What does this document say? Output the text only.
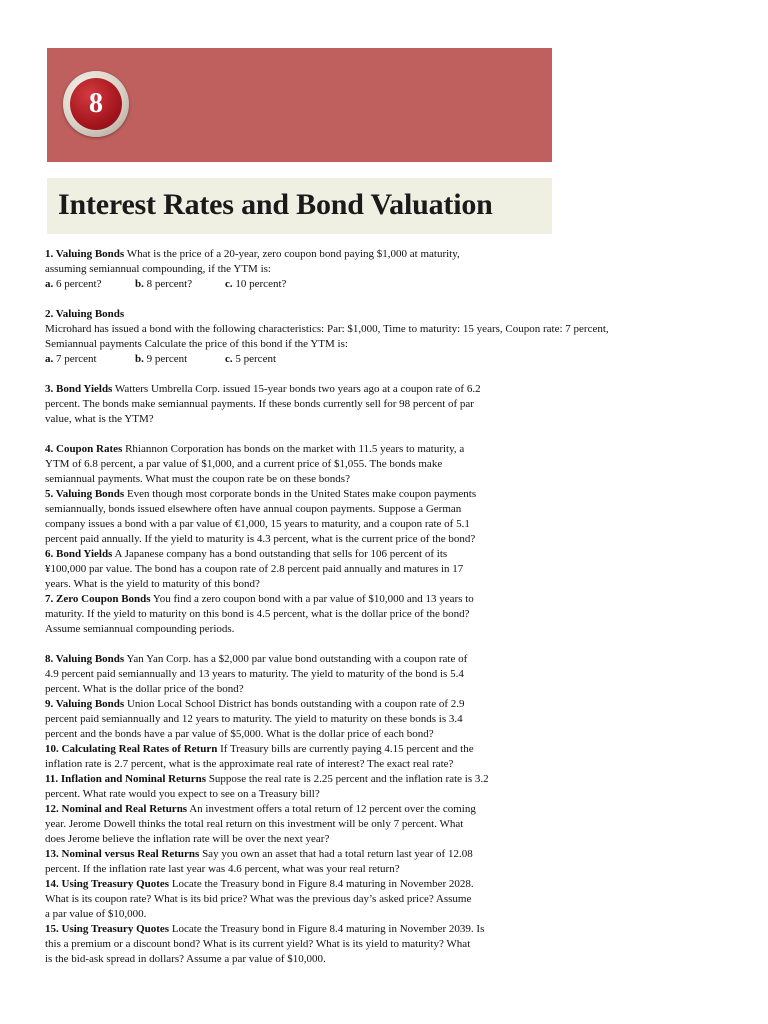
8
Interest Rates and Bond Valuation
1. Valuing Bonds What is the price of a 20-year, zero coupon bond paying $1,000 at maturity,
assuming semiannual compounding, if the YTM is:
a. 6 percent?	b. 8 percent?	c. 10 percent?
2. Valuing Bonds
Microhard has issued a bond with the following characteristics: Par: $1,000, Time to maturity: 15 years, Coupon rate: 7 percent,
Semiannual payments Calculate the price of this bond if the YTM is:
a. 7 percent	b. 9 percent	c. 5 percent
3. Bond Yields Watters Umbrella Corp. issued 15-year bonds two years ago at a coupon rate of 6.2
percent. The bonds make semiannual payments. If these bonds currently sell for 98 percent of par
value, what is the YTM?
4. Coupon Rates Rhiannon Corporation has bonds on the market with 11.5 years to maturity, a
YTM of 6.8 percent, a par value of $1,000, and a current price of $1,055. The bonds make
semiannual payments. What must the coupon rate be on these bonds?
5. Valuing Bonds Even though most corporate bonds in the United States make coupon payments
semiannually, bonds issued elsewhere often have annual coupon payments. Suppose a German
company issues a bond with a par value of €1,000, 15 years to maturity, and a coupon rate of 5.1
percent paid annually. If the yield to maturity is 4.3 percent, what is the current price of the bond?
6. Bond Yields A Japanese company has a bond outstanding that sells for 106 percent of its
¥100,000 par value. The bond has a coupon rate of 2.8 percent paid annually and matures in 17
years. What is the yield to maturity of this bond?
7. Zero Coupon Bonds You find a zero coupon bond with a par value of $10,000 and 13 years to
maturity. If the yield to maturity on this bond is 4.5 percent, what is the dollar price of the bond?
Assume semiannual compounding periods.
8. Valuing Bonds Yan Yan Corp. has a $2,000 par value bond outstanding with a coupon rate of
4.9 percent paid semiannually and 13 years to maturity. The yield to maturity of the bond is 5.4
percent. What is the dollar price of the bond?
9. Valuing Bonds Union Local School District has bonds outstanding with a coupon rate of 2.9
percent paid semiannually and 12 years to maturity. The yield to maturity on these bonds is 3.4
percent and the bonds have a par value of $5,000. What is the dollar price of each bond?
10. Calculating Real Rates of Return If Treasury bills are currently paying 4.15 percent and the
inflation rate is 2.7 percent, what is the approximate real rate of interest? The exact real rate?
11. Inflation and Nominal Returns Suppose the real rate is 2.25 percent and the inflation rate is 3.2
percent. What rate would you expect to see on a Treasury bill?
12. Nominal and Real Returns An investment offers a total return of 12 percent over the coming
year. Jerome Dowell thinks the total real return on this investment will be only 7 percent. What
does Jerome believe the inflation rate will be over the next year?
13. Nominal versus Real Returns Say you own an asset that had a total return last year of 12.08
percent. If the inflation rate last year was 4.6 percent, what was your real return?
14. Using Treasury Quotes Locate the Treasury bond in Figure 8.4 maturing in November 2028.
What is its coupon rate? What is its bid price? What was the previous day’s asked price? Assume
a par value of $10,000.
15. Using Treasury Quotes Locate the Treasury bond in Figure 8.4 maturing in November 2039. Is
this a premium or a discount bond? What is its current yield? What is its yield to maturity? What
is the bid-ask spread in dollars? Assume a par value of $10,000.
